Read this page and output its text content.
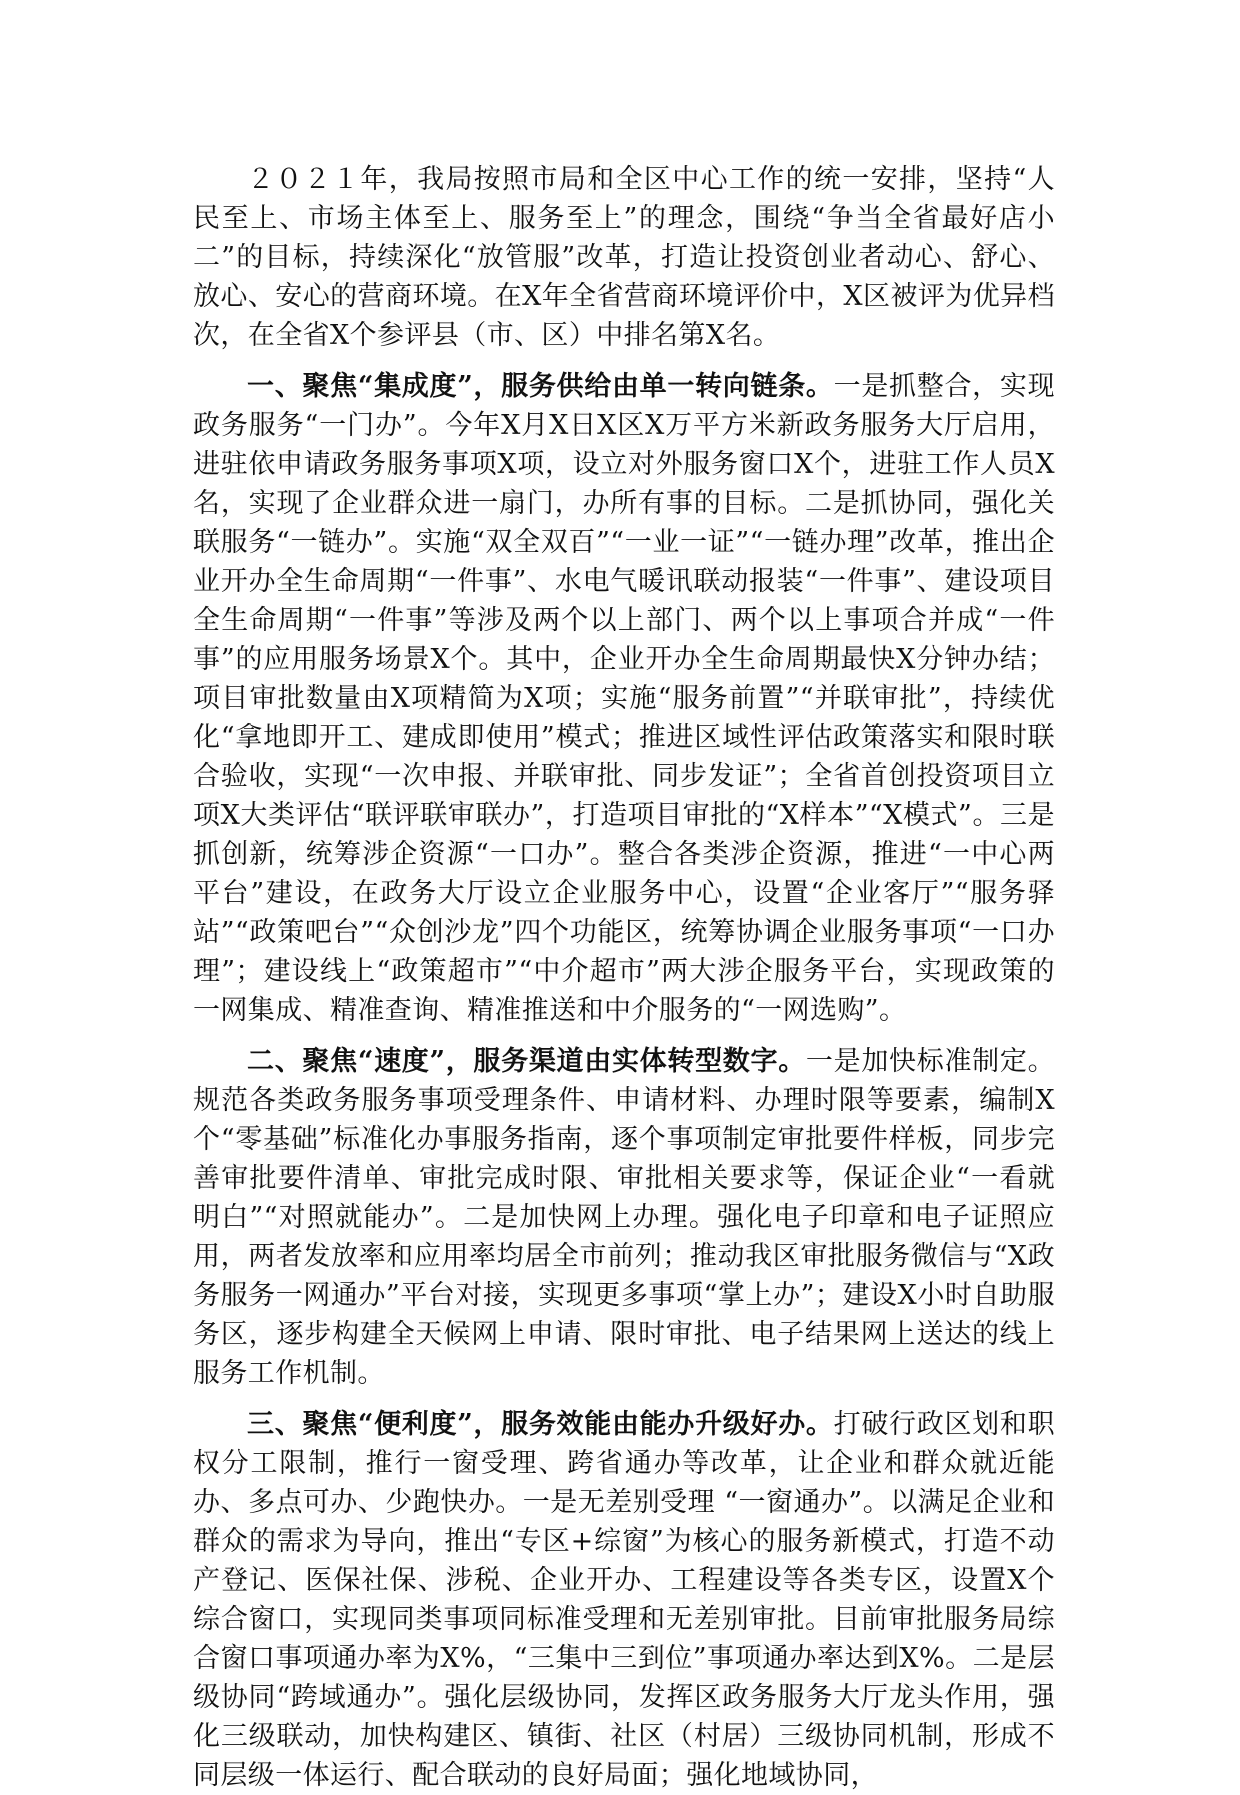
２０２１年，我局按照市局和全区中心工作的统一安排，坚持“人民至上、市场主体至上、服务至上”的理念，围绕“争当全省最好店小二”的目标，持续深化“放管服”改革，打造让投资创业者动心、舒心、放心、安心的营商环境。在X年全省营商环境评价中，X区被评为优异档次，在全省X个参评县（市、区）中排名第X名。

一、聚焦“集成度”，服务供给由单一转向链条。一是抓整合，实现政务服务“一门办”。今年X月X日X区X万平方米新政务服务大厅启用，进驻依申请政务服务事项X项，设立对外服务窗口X个，进驻工作人员X名，实现了企业群众进一扇门，办所有事的目标。二是抓协同，强化关联服务“一链办”。实施“双全双百”“一业一证”“一链办理”改革，推出企业开办全生命周期“一件事”、水电气暖讯联动报装“一件事”、建设项目全生命周期“一件事”等涉及两个以上部门、两个以上事项合并成“一件事”的应用服务场景X个。其中，企业开办全生命周期最快X分钟办结；项目审批数量由X项精简为X项；实施“服务前置”“并联审批”，持续优化“拿地即开工、建成即使用”模式；推进区域性评估政策落实和限时联合验收，实现“一次申报、并联审批、同步发证”；全省首创投资项目立项X大类评估“联评联审联办”，打造项目审批的“X样本”“X模式”。三是抓创新，统筹涉企资源“一口办”。整合各类涉企资源，推进“一中心两平台”建设，在政务大厅设立企业服务中心，设置“企业客厅”“服务驿站”“政策吧台”“众创沙龙”四个功能区，统筹协调企业服务事项“一口办理”；建设线上“政策超市”“中介超市”两大涉企服务平台，实现政策的一网集成、精准查询、精准推送和中介服务的“一网选购”。

二、聚焦“速度”，服务渠道由实体转型数字。一是加快标准制定。规范各类政务服务事项受理条件、申请材料、办理时限等要素，编制X个“零基础”标准化办事服务指南，逐个事项制定审批要件样板，同步完善审批要件清单、审批完成时限、审批相关要求等，保证企业“一看就明白”“对照就能办”。二是加快网上办理。强化电子印章和电子证照应用，两者发放率和应用率均居全市前列；推动我区审批服务微信与“X政务服务一网通办”平台对接，实现更多事项“掌上办”；建设X小时自助服务区，逐步构建全天候网上申请、限时审批、电子结果网上送达的线上服务工作机制。

三、聚焦“便利度”，服务效能由能办升级好办。打破行政区划和职权分工限制，推行一窗受理、跨省通办等改革，让企业和群众就近能办、多点可办、少跑快办。一是无差别受理 “一窗通办”。以满足企业和群众的需求为导向，推出“专区+综窗”为核心的服务新模式，打造不动产登记、医保社保、涉税、企业开办、工程建设等各类专区，设置X个综合窗口，实现同类事项同标准受理和无差别审批。目前审批服务局综合窗口事项通办率为X%，“三集中三到位”事项通办率达到X%。二是层级协同“跨域通办”。强化层级协同，发挥区政务服务大厅龙头作用，强化三级联动，加快构建区、镇街、社区（村居）三级协同机制，形成不同层级一体运行、配合联动的良好局面；强化地域协同，
